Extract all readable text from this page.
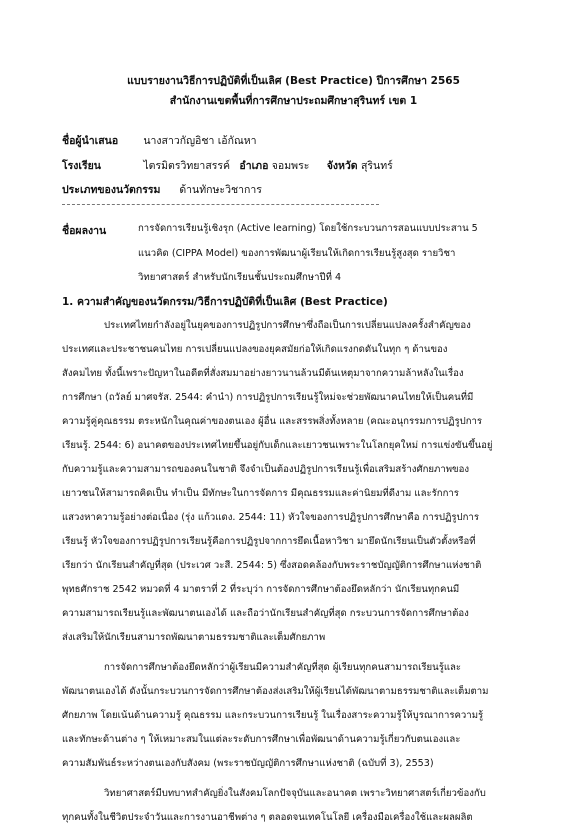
แบบรายงานวิธีการปฏิบัติที่เป็นเลิศ (Best Practice) ปีการศึกษา 2565
สำนักงานเขตพื้นที่การศึกษาประถมศึกษาสุรินทร์ เขต 1
ชื่อผู้นำเสนอ นางสาวกัญอิชา เอ้กัณหา
โรงเรียน	ไตรมิตรวิทยาสรรค์ อำเภอ จอมพระ จังหวัด สุรินทร์
ประเภทของนวัตกรรม ด้านทักษะวิชาการ
ชื่อผลงาน	การจัดการเรียนรู้เชิงรุก (Active learning) โดยใช้กระบวนการสอนแบบประสาน 5
แนวคิด (CIPPA Model) ของการพัฒนาผู้เรียนให้เกิดการเรียนรู้สูงสุด รายวิชา
วิทยาศาสตร์ สำหรับนักเรียนชั้นประถมศึกษาปีที่ 4
1. ความสำคัญของนวัตกรรม/วิธีการปฏิบัติที่เป็นเลิศ (Best Practice)
ประเทศไทยกำลังอยู่ในยุคของการปฏิรูปการศึกษาซึ่งถือเป็นการเปลี่ยนแปลงครั้งสำคัญของ
ประเทศและประชาชนคนไทย การเปลี่ยนแปลงของยุคสมัยก่อให้เกิดแรงกดดันในทุก ๆ ด้านของ
สังคมไทย ทั้งนี้เพราะปัญหาในอดีตที่สั่งสมมาอย่างยาวนานล้วนมีต้นเหตุมาจากความล้าหลังในเรื่อง
การศึกษา (ถวัลย์ มาศจรัส. 2544: คำนำ) การปฏิรูปการเรียนรู้ใหม่จะช่วยพัฒนาคนไทยให้เป็นคนที่มี
ความรู้คู่คุณธรรม ตระหนักในคุณค่าของตนเอง ผู้อื่น และสรรพสิ่งทั้งหลาย (คณะอนุกรรมการปฏิรูปการ
เรียนรู้. 2544: 6) อนาคตของประเทศไทยขึ้นอยู่กับเด็กและเยาวชนเพราะในโลกยุคใหม่ การแข่งขันขึ้นอยู่
กับความรู้และความสามารถของคนในชาติ จึงจำเป็นต้องปฏิรูปการเรียนรู้เพื่อเสริมสร้างศักยภาพของ
เยาวชนให้สามารถคิดเป็น ทำเป็น มีทักษะในการจัดการ มีคุณธรรมและค่านิยมที่ดีงาม และรักการ
แสวงหาความรู้อย่างต่อเนื่อง (รุ่ง แก้วแดง. 2544: 11) หัวใจของการปฏิรูปการศึกษาคือ การปฏิรูปการ
เรียนรู้ หัวใจของการปฏิรูปการเรียนรู้คือการปฏิรูปจากการยึดเนื้อหาวิชา มายึดนักเรียนเป็นตัวตั้งหรือที่
เรียกว่า นักเรียนสำคัญที่สุด (ประเวศ วะสี. 2544: 5) ซึ่งสอดคล้องกับพระราชบัญญัติการศึกษาแห่งชาติ
พุทธศักราช 2542 หมวดที่ 4 มาตราที่ 2 ที่ระบุว่า การจัดการศึกษาต้องยึดหลักว่า นักเรียนทุกคนมี
ความสามารถเรียนรู้และพัฒนาตนเองได้ และถือว่านักเรียนสำคัญที่สุด กระบวนการจัดการศึกษาต้อง
ส่งเสริมให้นักเรียนสามารถพัฒนาตามธรรมชาติและเต็มศักยภาพ
การจัดการศึกษาต้องยึดหลักว่าผู้เรียนมีความสำคัญที่สุด ผู้เรียนทุกคนสามารถเรียนรู้และ
พัฒนาตนเองได้ ดังนั้นกระบวนการจัดการศึกษาต้องส่งเสริมให้ผู้เรียนได้พัฒนาตามธรรมชาติและเต็มตาม
ศักยภาพ โดยเน้นด้านความรู้ คุณธรรม และกระบวนการเรียนรู้ ในเรื่องสาระความรู้ให้บูรณาการความรู้
และทักษะด้านต่าง ๆ ให้เหมาะสมในแต่ละระดับการศึกษาเพื่อพัฒนาด้านความรู้เกี่ยวกับตนเองและ
ความสัมพันธ์ระหว่างตนเองกับสังคม (พระราชบัญญัติการศึกษาแห่งชาติ (ฉบับที่ 3), 2553)
วิทยาศาสตร์มีบทบาทสำคัญยิ่งในสังคมโลกปัจจุบันและอนาคต เพราะวิทยาศาสตร์เกี่ยวข้องกับ
ทุกคนทั้งในชีวิตประจำวันและการงานอาชีพต่าง ๆ ตลอดจนเทคโนโลยี เครื่องมือเครื่องใช้และผลผลิต
